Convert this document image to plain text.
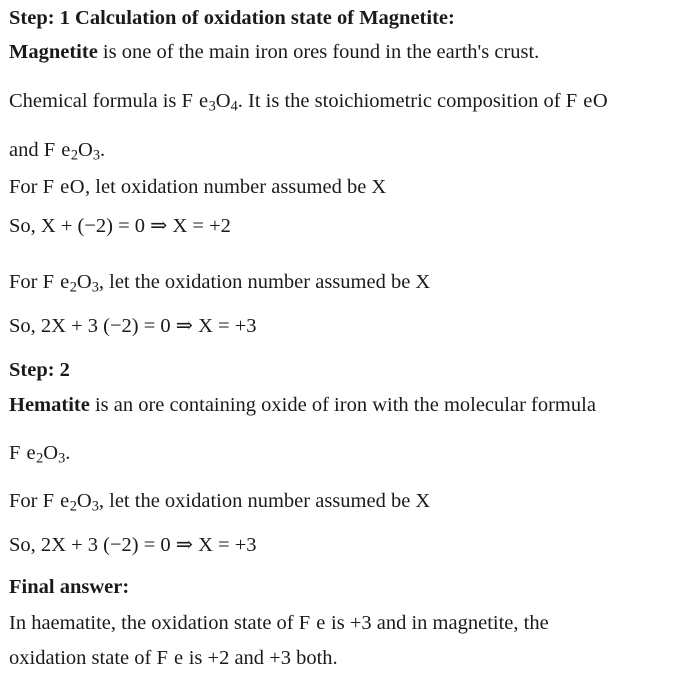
Step: 1 Calculation of oxidation state of Magnetite:
Magnetite is one of the main iron ores found in the earth's crust.
Chemical formula is F $e_3O_4$. It is the stoichiometric composition of F eO
and F $e_2O_3$.
For F eO, let oxidation number assumed be X
So, X + (−2) = 0 ⇒ X = +2
For F $e_2O_3$, let the oxidation number assumed be X
So, 2X + 3 (−2) = 0 ⇒ X = +3
Step: 2
Hematite is an ore containing oxide of iron with the molecular formula
F $e_2O_3$.
For F $e_2O_3$, let the oxidation number assumed be X
So, 2X + 3 (−2) = 0 ⇒ X = +3
Final answer:
In haematite, the oxidation state of F e is +3 and in magnetite, the
oxidation state of F e is +2 and +3 both.
